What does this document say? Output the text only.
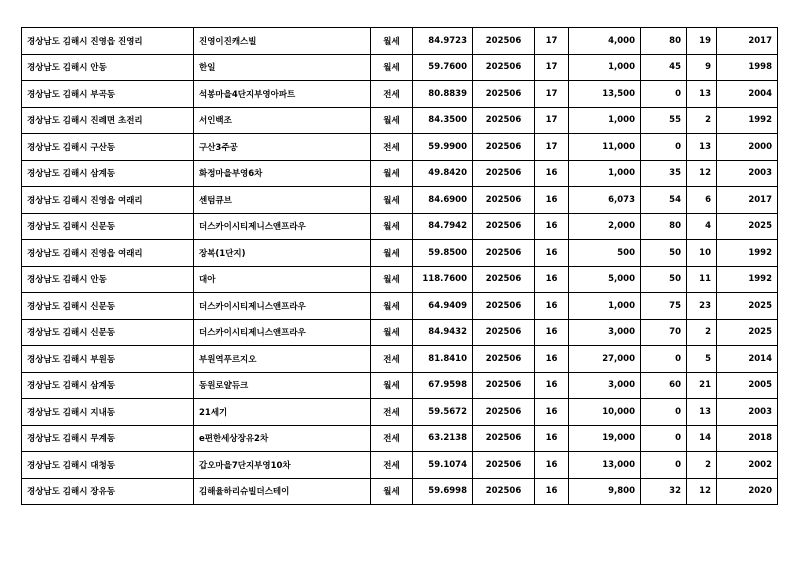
경상남도 김해시 진영읍 진영리	진영이진캐스빌	월세	84.9723	202506	17	4,000	80	19	2017
경상남도 김해시 안동	한일	월세	59.7600	202506	17	1,000	45	9	1998
경상남도 김해시 부곡동	석봉마을4단지부영아파트	전세	80.8839	202506	17	13,500	0	13	2004
경상남도 김해시 진례면 초전리	서인백조	월세	84.3500	202506	17	1,000	55	2	1992
경상남도 김해시 구산동	구산3주공	전세	59.9900	202506	17	11,000	0	13	2000
경상남도 김해시 삼계동	화정마을부영6차	월세	49.8420	202506	16	1,000	35	12	2003
경상남도 김해시 진영읍 여래리	센텀큐브	월세	84.6900	202506	16	6,073	54	6	2017
경상남도 김해시 신문동	더스카이시티제니스앤프라우	월세	84.7942	202506	16	2,000	80	4	2025
경상남도 김해시 진영읍 여래리	장복(1단지)	월세	59.8500	202506	16	500	50	10	1992
경상남도 김해시 안동	대아	월세	118.7600	202506	16	5,000	50	11	1992
경상남도 김해시 신문동	더스카이시티제니스앤프라우	월세	64.9409	202506	16	1,000	75	23	2025
경상남도 김해시 신문동	더스카이시티제니스앤프라우	월세	84.9432	202506	16	3,000	70	2	2025
경상남도 김해시 부원동	부원역푸르지오	전세	81.8410	202506	16	27,000	0	5	2014
경상남도 김해시 삼계동	동원로얄듀크	월세	67.9598	202506	16	3,000	60	21	2005
경상남도 김해시 지내동	21세기	전세	59.5672	202506	16	10,000	0	13	2003
경상남도 김해시 무계동	e편한세상장유2차	전세	63.2138	202506	16	19,000	0	14	2018
경상남도 김해시 대청동	갑오마을7단지부영10차	전세	59.1074	202506	16	13,000	0	2	2002
경상남도 김해시 장유동	김해율하리슈빌더스테이	월세	59.6998	202506	16	9,800	32	12	2020
